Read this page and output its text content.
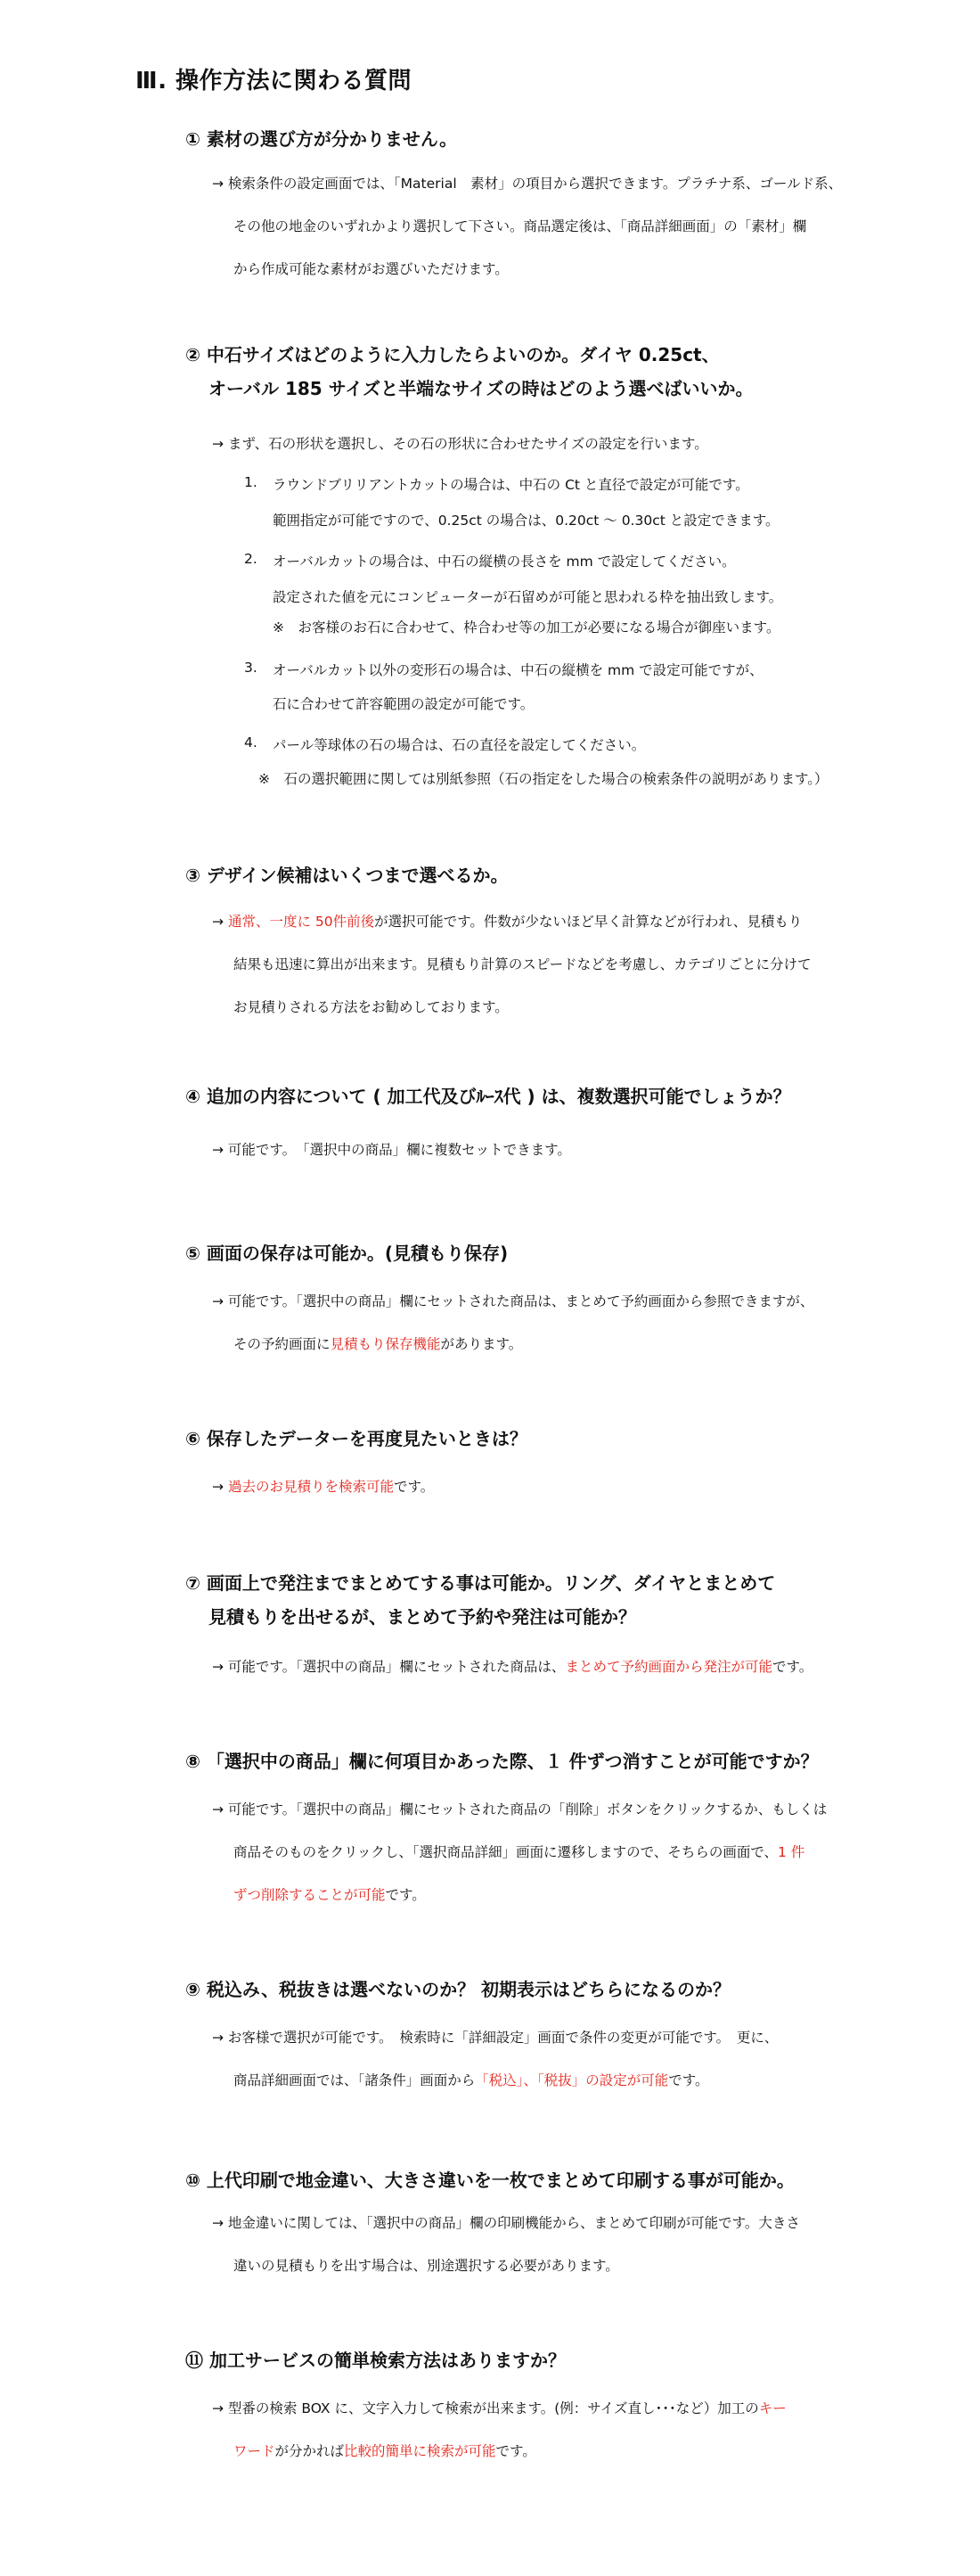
Ⅲ. 操作方法に関わる質問
① 素材の選び方が分かりません。
→ 検索条件の設定画面では、「Material　素材」の項目から選択できます。プラチナ系、ゴールド系、
その他の地金のいずれかより選択して下さい。商品選定後は、「商品詳細画面」の「素材」欄
から作成可能な素材がお選びいただけます。
② 中石サイズはどのように入力したらよいのか。ダイヤ 0.25ct、
オーバル 185 サイズと半端なサイズの時はどのよう選べばいいか。
→ まず、石の形状を選択し、その石の形状に合わせたサイズの設定を行います。
1. ラウンドブリリアントカットの場合は、中石の Ct と直径で設定が可能です。
範囲指定が可能ですので、0.25ct の場合は、0.20ct ～ 0.30ct と設定できます。
2. オーバルカットの場合は、中石の縦横の長さを mm で設定してください。
設定された値を元にコンピューターが石留めが可能と思われる枠を抽出致します。
※　お客様のお石に合わせて、枠合わせ等の加工が必要になる場合が御座います。
3. オーバルカット以外の変形石の場合は、中石の縦横を mm で設定可能ですが、
石に合わせて許容範囲の設定が可能です。
4. パール等球体の石の場合は、石の直径を設定してください。
※　石の選択範囲に関しては別紙参照（石の指定をした場合の検索条件の説明があります。）
③ デザイン候補はいくつまで選べるか。
→ 通常、一度に 50件前後が選択可能です。件数が少ないほど早く計算などが行われ、見積もり
結果も迅速に算出が出来ます。見積もり計算のスピードなどを考慮し、カテゴリごとに分けて
お見積りされる方法をお勧めしております。
④ 追加の内容について ( 加工代及びﾙｰｽ代 ) は、複数選択可能でしょうか？
→ 可能です。　「選択中の商品」欄に複数セットできます。
⑤ 画面の保存は可能か。(見積もり保存)
→ 可能です。「選択中の商品」欄にセットされた商品は、まとめて予約画面から参照できますが、
その予約画面に見積もり保存機能があります。
⑥ 保存したデーターを再度見たいときは？
→ 過去のお見積りを検索可能です。
⑦ 画面上で発注までまとめてする事は可能か。リング、ダイヤとまとめて
見積もりを出せるが、まとめて予約や発注は可能か？
→ 可能です。「選択中の商品」欄にセットされた商品は、まとめて予約画面から発注が可能です。
⑧ 「選択中の商品」欄に何項目かあった際、１ 件ずつ消すことが可能ですか？
→ 可能です。「選択中の商品」欄にセットされた商品の「削除」ボタンをクリックするか、もしくは
商品そのものをクリックし、「選択商品詳細」画面に遷移しますので、そちらの画面で、1 件
ずつ削除することが可能です。
⑨ 税込み、税抜きは選べないのか？ 初期表示はどちらになるのか？
→ お客様で選択が可能です。　検索時に「詳細設定」画面で条件の変更が可能です。　更に、
商品詳細画面では、「諸条件」画面から「税込」、「税抜」の設定が可能です。
⑩ 上代印刷で地金違い、大きさ違いを一枚でまとめて印刷する事が可能か。
→ 地金違いに関しては、「選択中の商品」欄の印刷機能から、まとめて印刷が可能です。大きさ
違いの見積もりを出す場合は、別途選択する必要があります。
⑪ 加工サービスの簡単検索方法はありますか？
→ 型番の検索 BOX に、文字入力して検索が出来ます。(例：サイズ直し･･･など）加工のキー
ワードが分かれば比較的簡単に検索が可能です。
